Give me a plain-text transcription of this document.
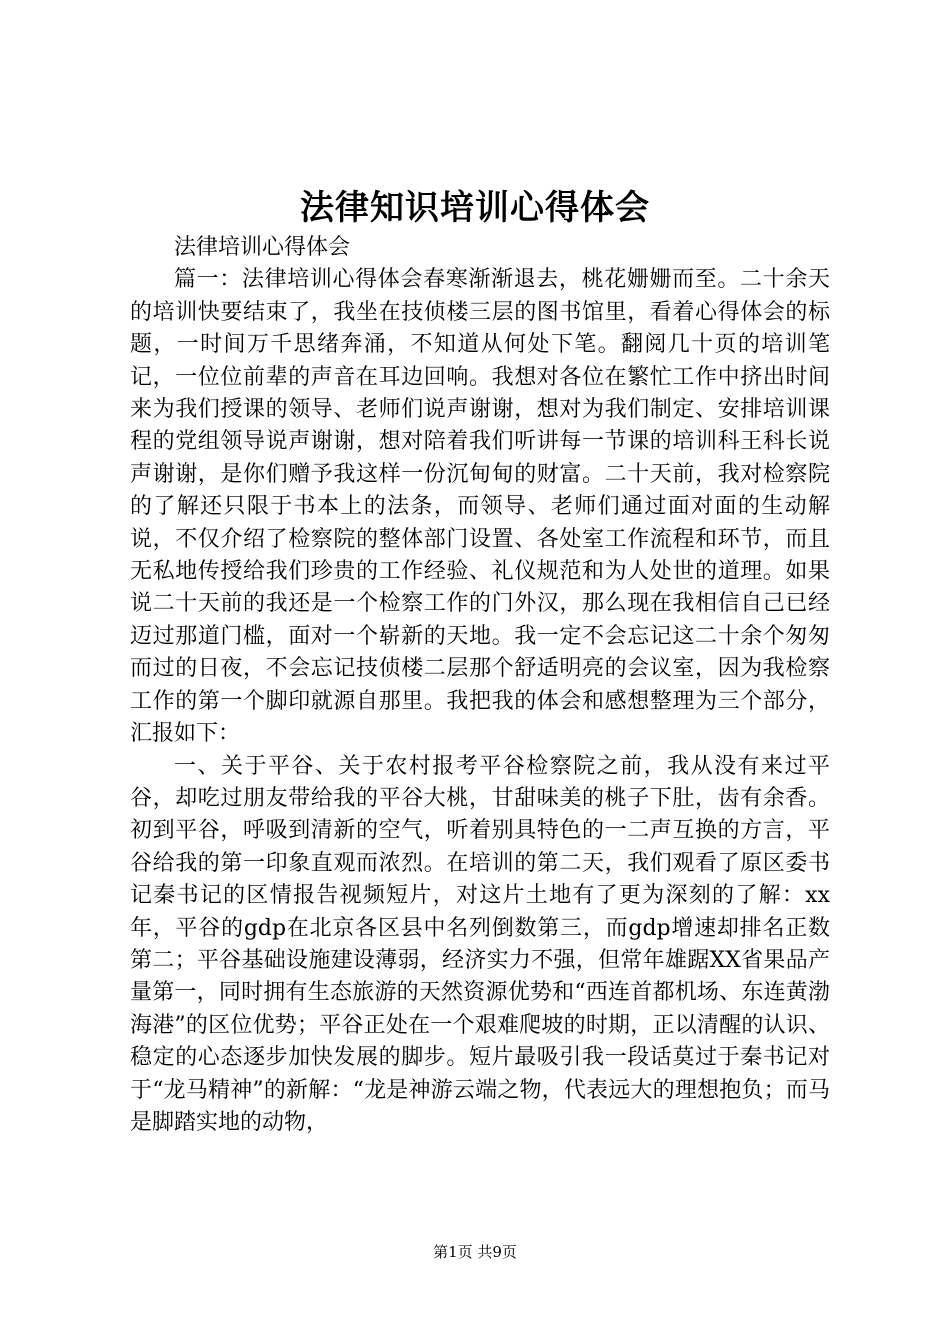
法律知识培训心得体会

法律培训心得体会

篇一：法律培训心得体会春寒渐渐退去，桃花姗姗而至。二十余天的培训快要结束了，我坐在技侦楼三层的图书馆里，看着心得体会的标题，一时间万千思绪奔涌，不知道从何处下笔。翻阅几十页的培训笔记，一位位前辈的声音在耳边回响。我想对各位在繁忙工作中挤出时间来为我们授课的领导、老师们说声谢谢，想对为我们制定、安排培训课程的党组领导说声谢谢，想对陪着我们听讲每一节课的培训科王科长说声谢谢，是你们赠予我这样一份沉甸甸的财富。二十天前，我对检察院的了解还只限于书本上的法条，而领导、老师们通过面对面的生动解说，不仅介绍了检察院的整体部门设置、各处室工作流程和环节，而且无私地传授给我们珍贵的工作经验、礼仪规范和为人处世的道理。如果说二十天前的我还是一个检察工作的门外汉，那么现在我相信自己已经迈过那道门槛，面对一个崭新的天地。我一定不会忘记这二十余个匆匆而过的日夜，不会忘记技侦楼二层那个舒适明亮的会议室，因为我检察工作的第一个脚印就源自那里。我把我的体会和感想整理为三个部分，汇报如下：

一、关于平谷、关于农村报考平谷检察院之前，我从没有来过平谷，却吃过朋友带给我的平谷大桃，甘甜味美的桃子下肚，齿有余香。初到平谷，呼吸到清新的空气，听着别具特色的一二声互换的方言，平谷给我的第一印象直观而浓烈。在培训的第二天，我们观看了原区委书记秦书记的区情报告视频短片，对这片土地有了更为深刻的了解：xx年，平谷的gdp在北京各区县中名列倒数第三，而gdp增速却排名正数第二；平谷基础设施建设薄弱，经济实力不强，但常年雄踞XX省果品产量第一，同时拥有生态旅游的天然资源优势和“西连首都机场、东连黄渤海港”的区位优势；平谷正处在一个艰难爬坡的时期，正以清醒的认识、稳定的心态逐步加快发展的脚步。短片最吸引我一段话莫过于秦书记对于“龙马精神”的新解：“龙是神游云端之物，代表远大的理想抱负；而马是脚踏实地的动物，

第1页 共9页
